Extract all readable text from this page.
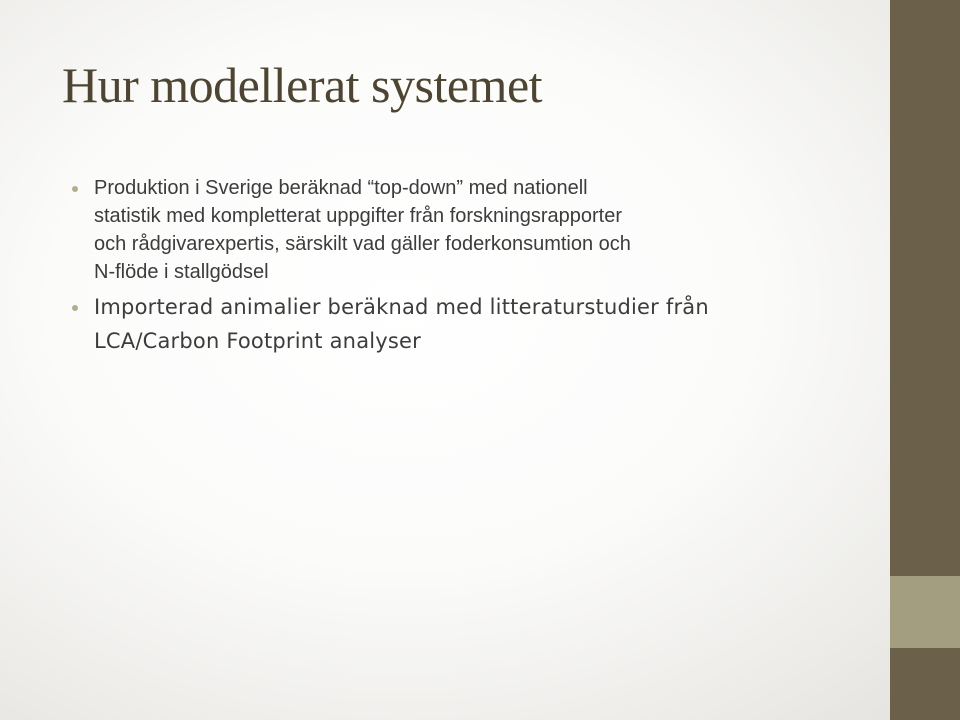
Hur modellerat systemet
Produktion i Sverige beräknad “top-down” med nationell
statistik med kompletterat uppgifter från forskningsrapporter
och rådgivarexpertis, särskilt vad gäller foderkonsumtion och
N-flöde i stallgödsel
Importerad animalier beräknad med litteraturstudier från
LCA/Carbon Footprint analyser
